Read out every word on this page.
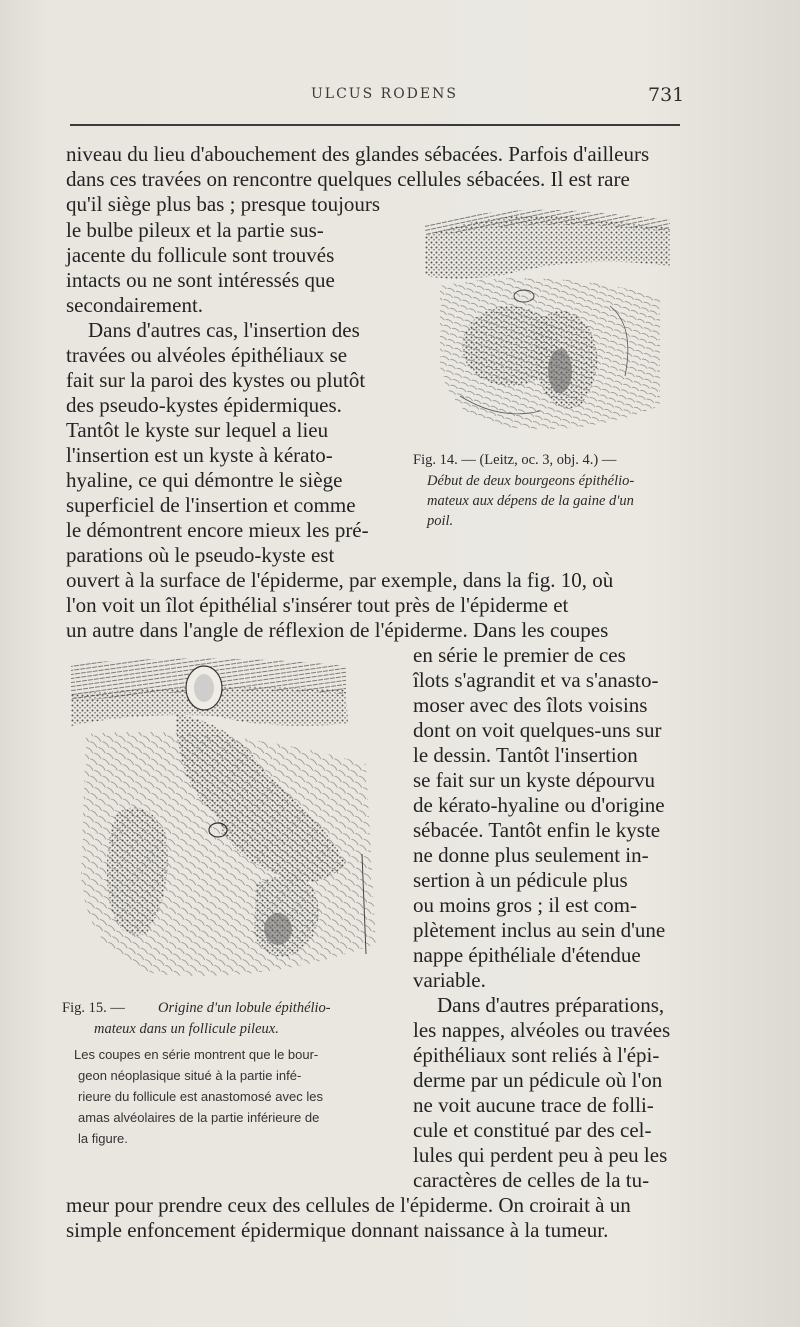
ULCUS RODENS	731
niveau du lieu d'abouchement des glandes sébacées. Parfois d'ailleurs
dans ces travées on rencontre quelques cellules sébacées. Il est rare
qu'il siège plus bas ; presque toujours
le bulbe pileux et la partie sus-
jacente du follicule sont trouvés
intacts ou ne sont intéressés que
secondairement.
Dans d'autres cas, l'insertion des
travées ou alvéoles épithéliaux se
fait sur la paroi des kystes ou plutôt
des pseudo-kystes épidermiques.
Tantôt le kyste sur lequel a lieu
l'insertion est un kyste à kérato-
hyaline, ce qui démontre le siège
superficiel de l'insertion et comme
le démontrent encore mieux les pré-
parations où le pseudo-kyste est
Fig. 14. — (Leitz, oc. 3, obj. 4.) —
Début de deux bourgeons épithélio-
mateux aux dépens de la gaine d'un
poil.
ouvert à la surface de l'épiderme, par exemple, dans la fig. 10, où
l'on voit un îlot épithélial s'insérer tout près de l'épiderme et
un autre dans l'angle de réflexion de l'épiderme. Dans les coupes
en série le premier de ces
îlots s'agrandit et va s'anasto-
moser avec des îlots voisins
dont on voit quelques-uns sur
le dessin. Tantôt l'insertion
se fait sur un kyste dépourvu
de kérato-hyaline ou d'origine
sébacée. Tantôt enfin le kyste
ne donne plus seulement in-
sertion à un pédicule plus
ou moins gros ; il est com-
plètement inclus au sein d'une
nappe épithéliale d'étendue
variable.
Dans d'autres préparations,
les nappes, alvéoles ou travées
épithéliaux sont reliés à l'épi-
derme par un pédicule où l'on
ne voit aucune trace de folli-
cule et constitué par des cel-
lules qui perdent peu à peu les
caractères de celles de la tu-
Fig. 15. — Origine d'un lobule épithélio-
mateux dans un follicule pileux.
Les coupes en série montrent que le bour-
geon néoplasique situé à la partie infé-
rieure du follicule est anastomosé avec les
amas alvéolaires de la partie inférieure de
la figure.
meur pour prendre ceux des cellules de l'épiderme. On croirait à un
simple enfoncement épidermique donnant naissance à la tumeur.
